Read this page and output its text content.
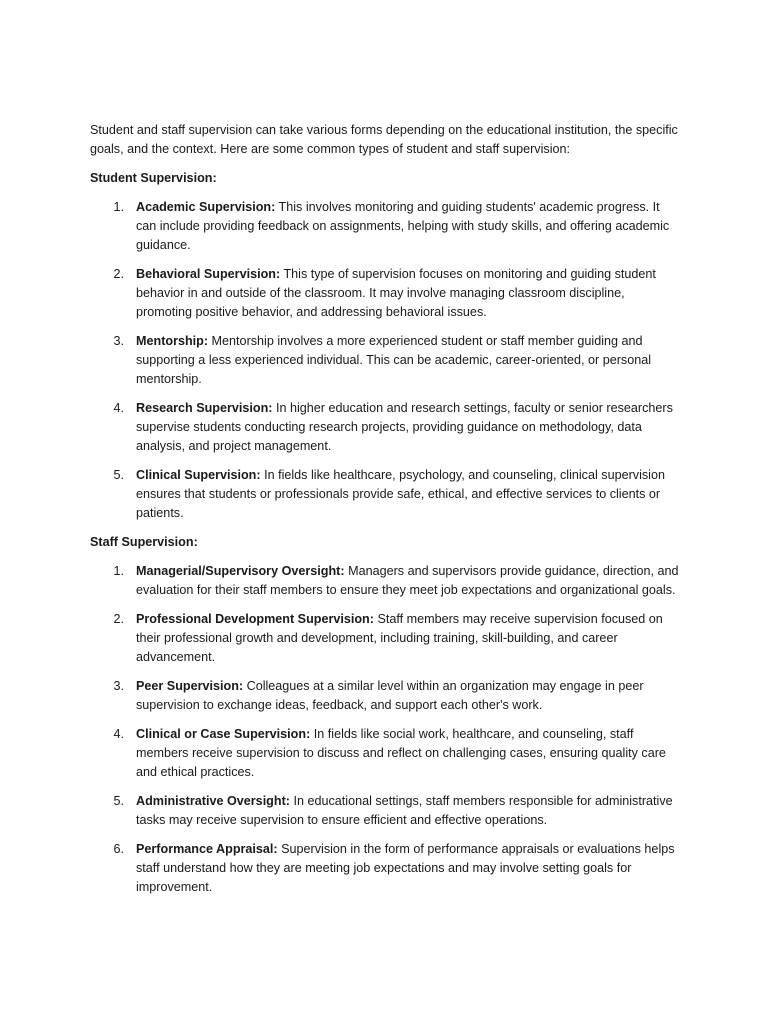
Student and staff supervision can take various forms depending on the educational institution, the specific goals, and the context. Here are some common types of student and staff supervision:

Student Supervision:

1. Academic Supervision: This involves monitoring and guiding students' academic progress. It can include providing feedback on assignments, helping with study skills, and offering academic guidance.
2. Behavioral Supervision: This type of supervision focuses on monitoring and guiding student behavior in and outside of the classroom. It may involve managing classroom discipline, promoting positive behavior, and addressing behavioral issues.
3. Mentorship: Mentorship involves a more experienced student or staff member guiding and supporting a less experienced individual. This can be academic, career-oriented, or personal mentorship.
4. Research Supervision: In higher education and research settings, faculty or senior researchers supervise students conducting research projects, providing guidance on methodology, data analysis, and project management.
5. Clinical Supervision: In fields like healthcare, psychology, and counseling, clinical supervision ensures that students or professionals provide safe, ethical, and effective services to clients or patients.

Staff Supervision:

1. Managerial/Supervisory Oversight: Managers and supervisors provide guidance, direction, and evaluation for their staff members to ensure they meet job expectations and organizational goals.
2. Professional Development Supervision: Staff members may receive supervision focused on their professional growth and development, including training, skill-building, and career advancement.
3. Peer Supervision: Colleagues at a similar level within an organization may engage in peer supervision to exchange ideas, feedback, and support each other's work.
4. Clinical or Case Supervision: In fields like social work, healthcare, and counseling, staff members receive supervision to discuss and reflect on challenging cases, ensuring quality care and ethical practices.
5. Administrative Oversight: In educational settings, staff members responsible for administrative tasks may receive supervision to ensure efficient and effective operations.
6. Performance Appraisal: Supervision in the form of performance appraisals or evaluations helps staff understand how they are meeting job expectations and may involve setting goals for improvement.
